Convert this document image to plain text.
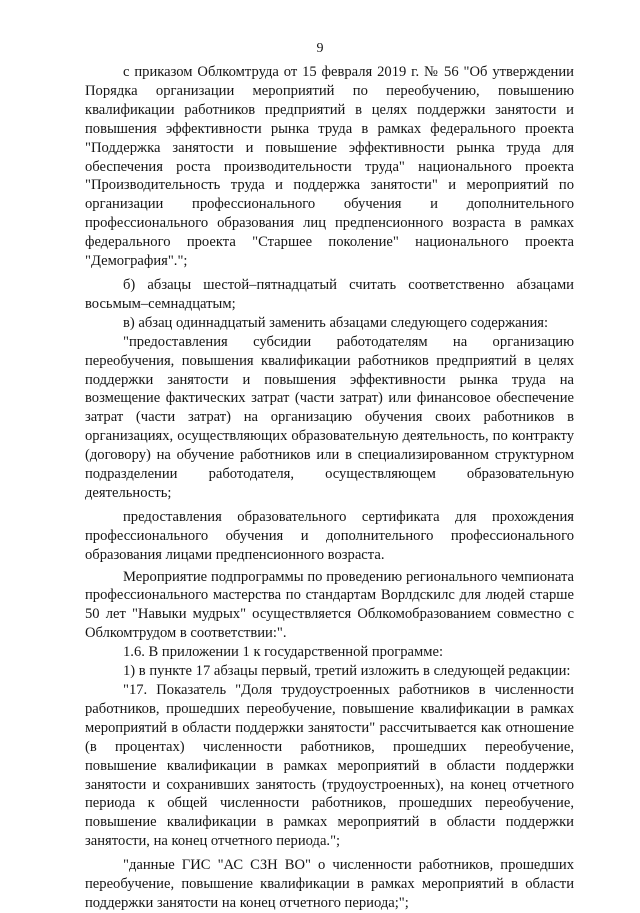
9

с приказом Облкомтруда от 15 февраля 2019 г. № 56 "Об утверждении Порядка организации мероприятий по переобучению, повышению квалификации работников предприятий в целях поддержки занятости и повышения эффективности рынка труда в рамках федерального проекта "Поддержка занятости и повышение эффективности рынка труда для обеспечения роста производительности труда" национального проекта "Производительность труда и поддержка занятости" и мероприятий по организации профессионального обучения и дополнительного профессионального образования лиц предпенсионного возраста в рамках федерального проекта "Старшее поколение" национального проекта "Демография".";

б) абзацы шестой–пятнадцатый считать соответственно абзацами восьмым–семнадцатым;

в) абзац одиннадцатый заменить абзацами следующего содержания:

"предоставления субсидии работодателям на организацию переобучения, повышения квалификации работников предприятий в целях поддержки занятости и повышения эффективности рынка труда на возмещение фактических затрат (части затрат) или финансовое обеспечение затрат (части затрат) на организацию обучения своих работников в организациях, осуществляющих образовательную деятельность, по контракту (договору) на обучение работников или в специализированном структурном подразделении работодателя, осуществляющем образовательную деятельность;

предоставления образовательного сертификата для прохождения профессионального обучения и дополнительного профессионального образования лицами предпенсионного возраста.

Мероприятие подпрограммы по проведению регионального чемпионата профессионального мастерства по стандартам Ворлдскилс для людей старше 50 лет "Навыки мудрых" осуществляется Облкомобразованием совместно с Облкомтрудом в соответствии:".

1.6. В приложении 1 к государственной программе:

1) в пункте 17 абзацы первый, третий изложить в следующей редакции:

"17. Показатель "Доля трудоустроенных работников в численности работников, прошедших переобучение, повышение квалификации в рамках мероприятий в области поддержки занятости" рассчитывается как отношение (в процентах) численности работников, прошедших переобучение, повышение квалификации в рамках мероприятий в области поддержки занятости и сохранивших занятость (трудоустроенных), на конец отчетного периода к общей численности работников, прошедших переобучение, повышение квалификации в рамках мероприятий в области поддержки занятости, на конец отчетного периода.";

"данные ГИС "АС СЗН ВО" о численности работников, прошедших переобучение, повышение квалификации в рамках мероприятий в области поддержки занятости на конец отчетного периода;";
